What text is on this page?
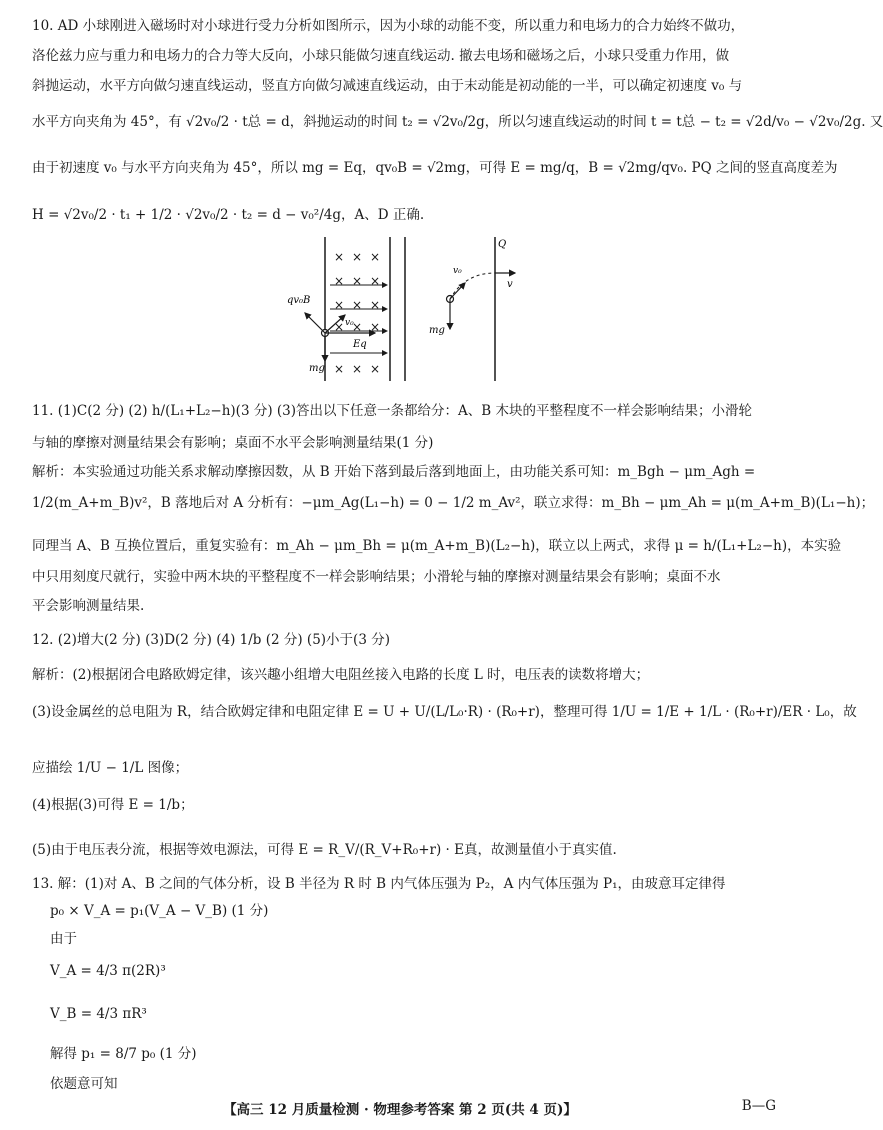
10. AD 小球刚进入磁场时对小球进行受力分析如图所示，因为小球的动能不变，所以重力和电场力的合力始终不做功，
洛伦兹力应与重力和电场力的合力等大反向，小球只能做匀速直线运动. 撤去电场和磁场之后，小球只受重力作用，做
斜抛运动，水平方向做匀速直线运动，竖直方向做匀减速直线运动，由于末动能是初动能的一半，可以确定初速度 v₀ 与
水平方向夹角为 45°，有 √2v₀/2 · t总 = d，斜抛运动的时间 t₂ = √2v₀/2g，所以匀速直线运动的时间 t = t总 − t₂ = √2d/v₀ − √2v₀/2g. 又
由于初速度 v₀ 与水平方向夹角为 45°，所以 mg = Eq，qv₀B = √2mg，可得 E = mg/q，B = √2mg/qv₀. PQ 之间的竖直高度差为
H = √2v₀/2 · t₁ + 1/2 · √2v₀/2 · t₂ = d − v₀²/4g，A、D 正确.
× × ×
× × ×
× × ×
× × ×
× × ×
qv₀B
v₀
Eq
mg
Q
v₀
v
mg
11. (1)C(2 分) (2) h/(L₁+L₂−h)(3 分) (3)答出以下任意一条都给分：A、B 木块的平整程度不一样会影响结果；小滑轮
与轴的摩擦对测量结果会有影响；桌面不水平会影响测量结果(1 分)
解析：本实验通过功能关系求解动摩擦因数，从 B 开始下落到最后落到地面上，由功能关系可知：m_Bgh − μm_Agh =
1/2(m_A+m_B)v²，B 落地后对 A 分析有：−μm_Ag(L₁−h) = 0 − 1/2 m_Av²，联立求得：m_Bh − μm_Ah = μ(m_A+m_B)(L₁−h)；
同理当 A、B 互换位置后，重复实验有：m_Ah − μm_Bh = μ(m_A+m_B)(L₂−h)，联立以上两式，求得 μ = h/(L₁+L₂−h)，本实验
中只用刻度尺就行，实验中两木块的平整程度不一样会影响结果；小滑轮与轴的摩擦对测量结果会有影响；桌面不水
平会影响测量结果.
12. (2)增大(2 分) (3)D(2 分) (4) 1/b (2 分) (5)小于(3 分)
解析：(2)根据闭合电路欧姆定律，该兴趣小组增大电阻丝接入电路的长度 L 时，电压表的读数将增大；
(3)设金属丝的总电阻为 R，结合欧姆定律和电阻定律 E = U + U/(L/L₀·R) · (R₀+r)，整理可得 1/U = 1/E + 1/L · (R₀+r)/ER · L₀，故
应描绘 1/U − 1/L 图像；
(4)根据(3)可得 E = 1/b；
(5)由于电压表分流，根据等效电源法，可得 E = R_V/(R_V+R₀+r) · E真，故测量值小于真实值.
13. 解：(1)对 A、B 之间的气体分析，设 B 半径为 R 时 B 内气体压强为 P₂，A 内气体压强为 P₁，由玻意耳定律得
p₀ × V_A = p₁(V_A − V_B) (1 分)
由于
V_A = 4/3 π(2R)³
V_B = 4/3 πR³
解得 p₁ = 8/7 p₀ (1 分)
依题意可知
【高三 12 月质量检测 · 物理参考答案 第 2 页(共 4 页)】	B—G
